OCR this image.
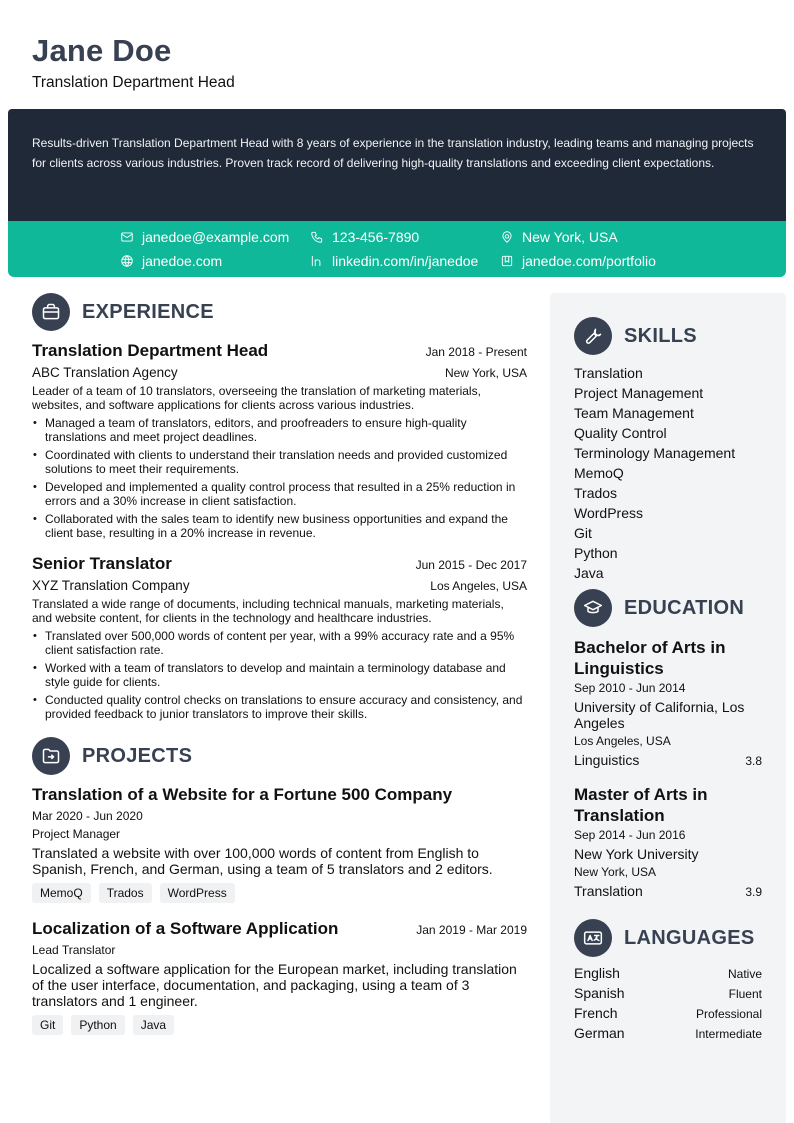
Jane Doe
Translation Department Head

Results-driven Translation Department Head with 8 years of experience in the translation industry, leading teams and managing projects for clients across various industries. Proven track record of delivering high-quality translations and exceeding client expectations.

janedoe@example.com	123-456-7890	New York, USA
janedoe.com	linkedin.com/in/janedoe	janedoe.com/portfolio
EXPERIENCE
Translation Department Head	Jan 2018 - Present
ABC Translation Agency	New York, USA
Leader of a team of 10 translators, overseeing the translation of marketing materials, websites, and software applications for clients across various industries.
• Managed a team of translators, editors, and proofreaders to ensure high-quality translations and meet project deadlines.
• Coordinated with clients to understand their translation needs and provided customized solutions to meet their requirements.
• Developed and implemented a quality control process that resulted in a 25% reduction in errors and a 30% increase in client satisfaction.
• Collaborated with the sales team to identify new business opportunities and expand the client base, resulting in a 20% increase in revenue.
Senior Translator	Jun 2015 - Dec 2017
XYZ Translation Company	Los Angeles, USA
Translated a wide range of documents, including technical manuals, marketing materials, and website content, for clients in the technology and healthcare industries.
• Translated over 500,000 words of content per year, with a 99% accuracy rate and a 95% client satisfaction rate.
• Worked with a team of translators to develop and maintain a terminology database and style guide for clients.
• Conducted quality control checks on translations to ensure accuracy and consistency, and provided feedback to junior translators to improve their skills.
PROJECTS
Translation of a Website for a Fortune 500 Company
Mar 2020 - Jun 2020
Project Manager
Translated a website with over 100,000 words of content from English to Spanish, French, and German, using a team of 5 translators and 2 editors.
MemoQ	Trados	WordPress
Localization of a Software Application	Jan 2019 - Mar 2019
Lead Translator
Localized a software application for the European market, including translation of the user interface, documentation, and packaging, using a team of 3 translators and 1 engineer.
Git	Python	Java
SKILLS
Translation
Project Management
Team Management
Quality Control
Terminology Management
MemoQ
Trados
WordPress
Git
Python
Java
EDUCATION
Bachelor of Arts in Linguistics
Sep 2010 - Jun 2014
University of California, Los Angeles
Los Angeles, USA
Linguistics	3.8
Master of Arts in Translation
Sep 2014 - Jun 2016
New York University
New York, USA
Translation	3.9
LANGUAGES
English	Native
Spanish	Fluent
French	Professional
German	Intermediate
